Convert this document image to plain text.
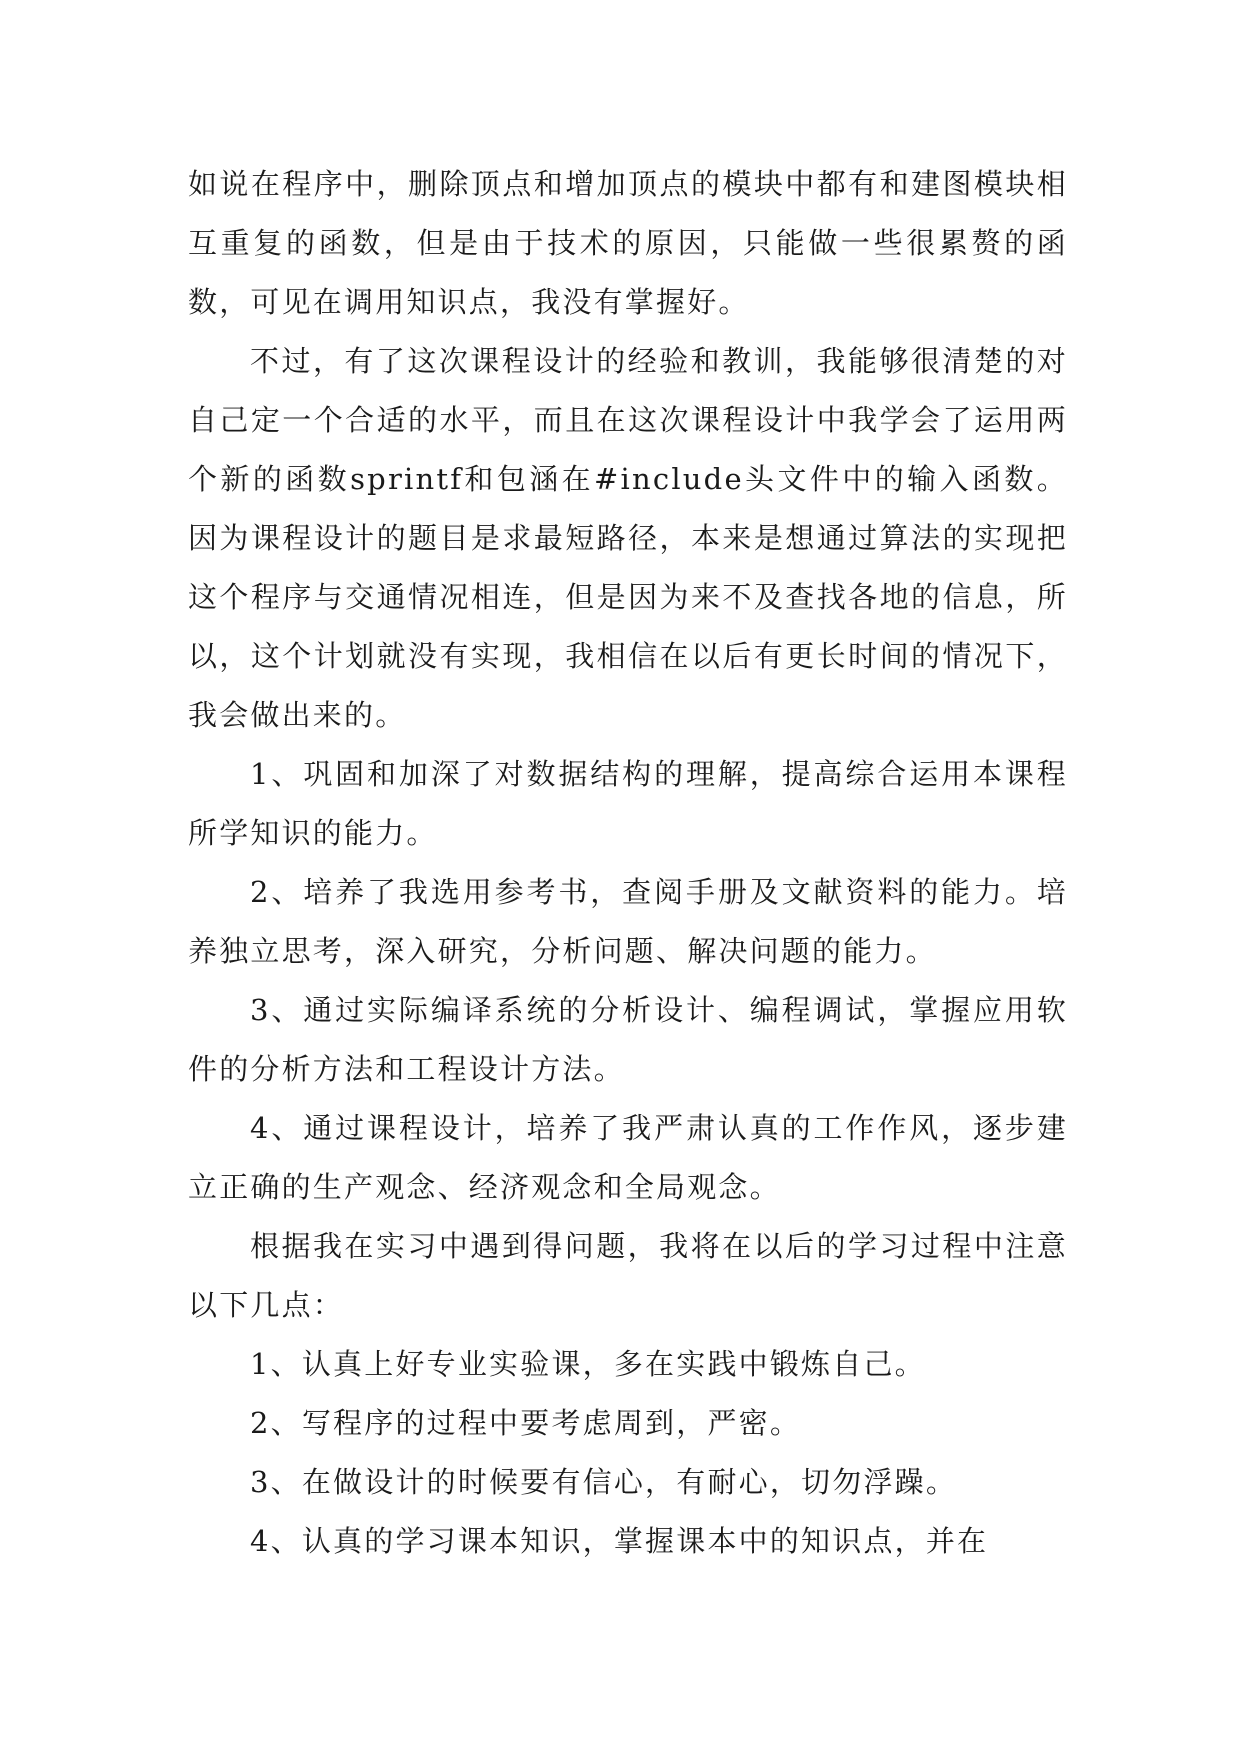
如说在程序中，删除顶点和增加顶点的模块中都有和建图模块相互重复的函数，但是由于技术的原因，只能做一些很累赘的函数，可见在调用知识点，我没有掌握好。

不过，有了这次课程设计的经验和教训，我能够很清楚的对自己定一个合适的水平，而且在这次课程设计中我学会了运用两个新的函数sprintf和包涵在#include头文件中的输入函数。因为课程设计的题目是求最短路径，本来是想通过算法的实现把这个程序与交通情况相连，但是因为来不及查找各地的信息，所以，这个计划就没有实现，我相信在以后有更长时间的情况下，我会做出来的。

1、巩固和加深了对数据结构的理解，提高综合运用本课程所学知识的能力。

2、培养了我选用参考书，查阅手册及文献资料的能力。培养独立思考，深入研究，分析问题、解决问题的能力。

3、通过实际编译系统的分析设计、编程调试，掌握应用软件的分析方法和工程设计方法。

4、通过课程设计，培养了我严肃认真的工作作风，逐步建立正确的生产观念、经济观念和全局观念。

根据我在实习中遇到得问题，我将在以后的学习过程中注意以下几点：

1、认真上好专业实验课，多在实践中锻炼自己。

2、写程序的过程中要考虑周到，严密。

3、在做设计的时候要有信心，有耐心，切勿浮躁。

4、认真的学习课本知识，掌握课本中的知识点，并在
